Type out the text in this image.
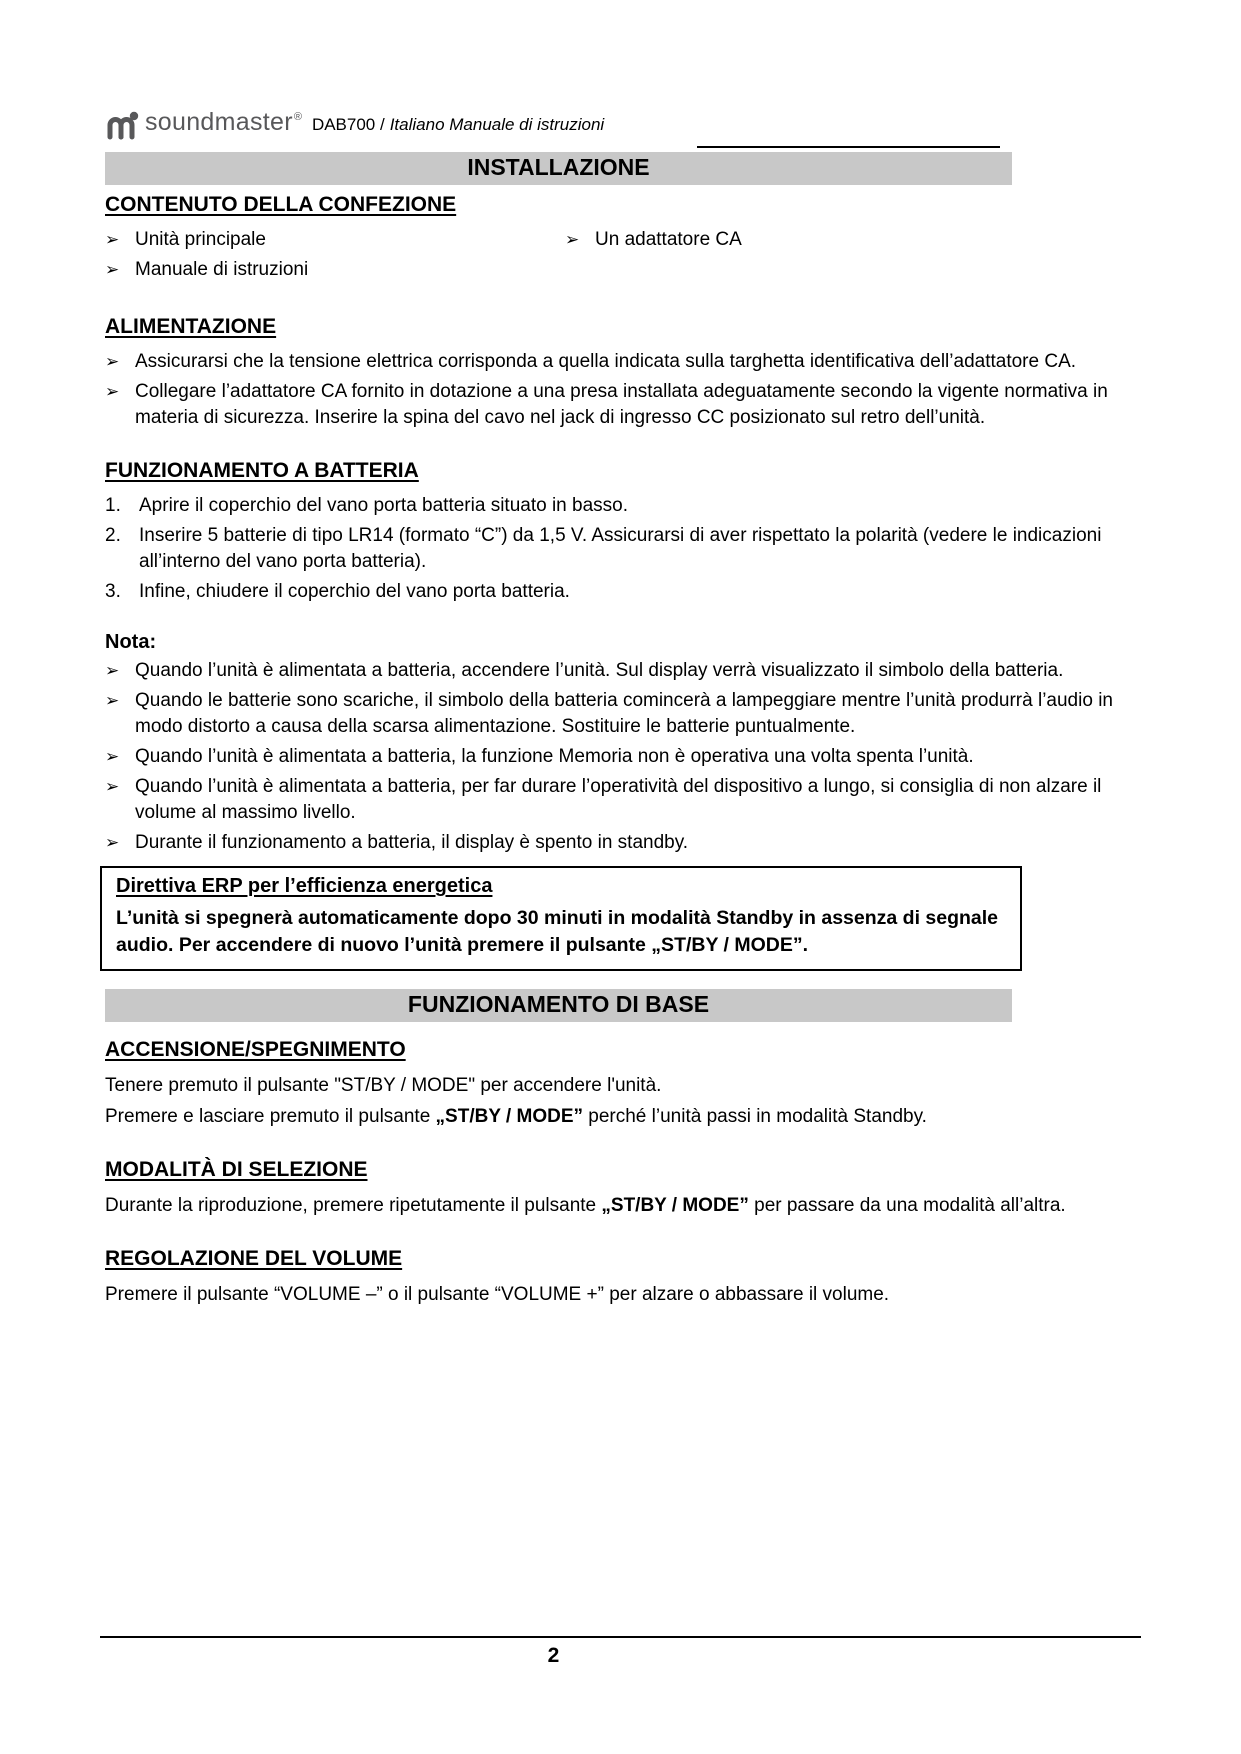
soundmaster ® DAB700 / Italiano Manuale di istruzioni
INSTALLAZIONE
CONTENUTO DELLA CONFEZIONE
➢ Unità principale
➢ Manuale di istruzioni
➢ Un adattatore CA
ALIMENTAZIONE
➢ Assicurarsi che la tensione elettrica corrisponda a quella indicata sulla targhetta identificativa dell’adattatore CA.
➢ Collegare l’adattatore CA fornito in dotazione a una presa installata adeguatamente secondo la vigente normativa in materia di sicurezza. Inserire la spina del cavo nel jack di ingresso CC posizionato sul retro dell’unità.
FUNZIONAMENTO A BATTERIA
1. Aprire il coperchio del vano porta batteria situato in basso.
2. Inserire 5 batterie di tipo LR14 (formato “C”) da 1,5 V. Assicurarsi di aver rispettato la polarità (vedere le indicazioni all’interno del vano porta batteria).
3. Infine, chiudere il coperchio del vano porta batteria.
Nota:
➢ Quando l’unità è alimentata a batteria, accendere l’unità. Sul display verrà visualizzato il simbolo della batteria.
➢ Quando le batterie sono scariche, il simbolo della batteria comincerà a lampeggiare mentre l’unità produrrà l’audio in modo distorto a causa della scarsa alimentazione. Sostituire le batterie puntualmente.
➢ Quando l’unità è alimentata a batteria, la funzione Memoria non è operativa una volta spenta l’unità.
➢ Quando l’unità è alimentata a batteria, per far durare l’operatività del dispositivo a lungo, si consiglia di non alzare il volume al massimo livello.
➢ Durante il funzionamento a batteria, il display è spento in standby.
Direttiva ERP per l’efficienza energetica
L’unità si spegnerà automaticamente dopo 30 minuti in modalità Standby in assenza di segnale audio. Per accendere di nuovo l’unità premere il pulsante „ST/BY / MODE”.
FUNZIONAMENTO DI BASE
ACCENSIONE/SPEGNIMENTO

Tenere premuto il pulsante "ST/BY / MODE" per accendere l'unità.

Premere e lasciare premuto il pulsante „ST/BY / MODE” perché l’unità passi in modalità Standby.

MODALITÀ DI SELEZIONE

Durante la riproduzione, premere ripetutamente il pulsante „ST/BY / MODE” per passare da una modalità all’altra.

REGOLAZIONE DEL VOLUME

Premere il pulsante “VOLUME –” o il pulsante “VOLUME +” per alzare o abbassare il volume.

2
